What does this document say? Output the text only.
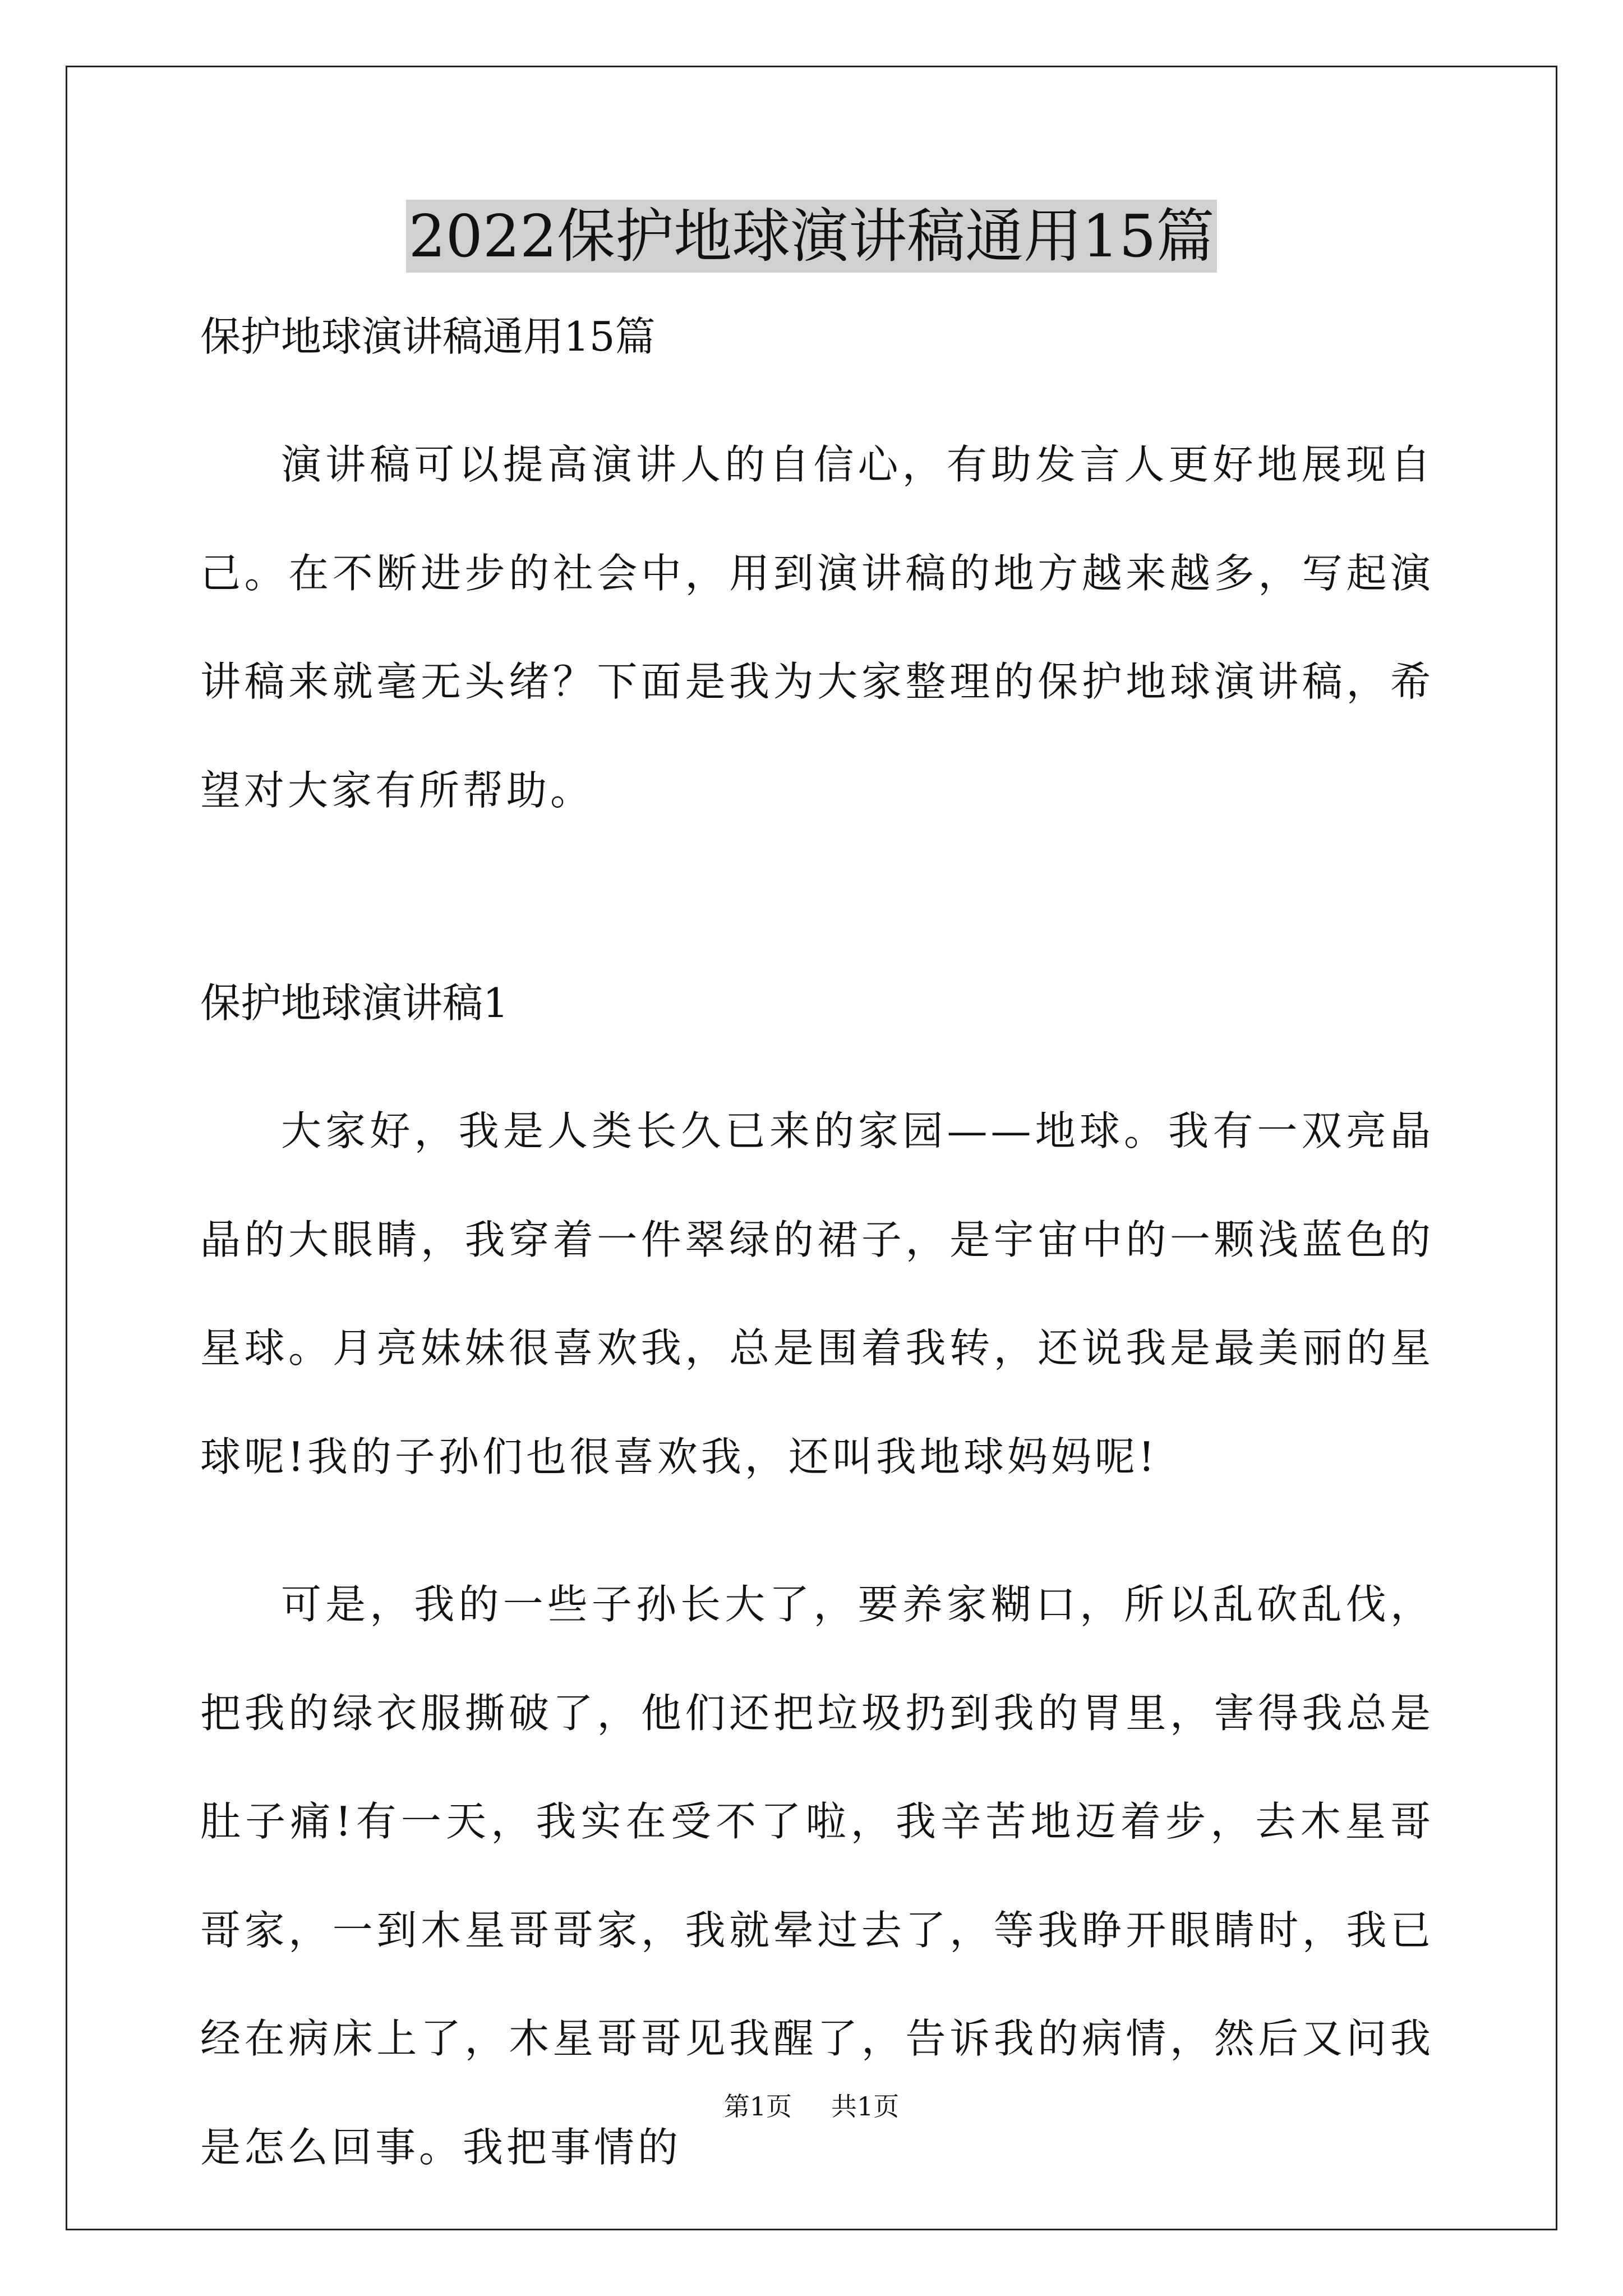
2022保护地球演讲稿通用15篇
保护地球演讲稿通用15篇

演讲稿可以提高演讲人的自信心，有助发言人更好地展现自己。在不断进步的社会中，用到演讲稿的地方越来越多，写起演讲稿来就毫无头绪？下面是我为大家整理的保护地球演讲稿，希望对大家有所帮助。

保护地球演讲稿1

大家好，我是人类长久已来的家园——地球。我有一双亮晶晶的大眼睛，我穿着一件翠绿的裙子，是宇宙中的一颗浅蓝色的星球。月亮妹妹很喜欢我，总是围着我转，还说我是最美丽的星球呢!我的子孙们也很喜欢我，还叫我地球妈妈呢!

可是，我的一些子孙长大了，要养家糊口，所以乱砍乱伐，把我的绿衣服撕破了，他们还把垃圾扔到我的胃里，害得我总是肚子痛!有一天，我实在受不了啦，我辛苦地迈着步，去木星哥哥家，一到木星哥哥家，我就晕过去了，等我睁开眼睛时，我已经在病床上了，木星哥哥见我醒了，告诉我的病情，然后又问我是怎么回事。我把事情的

第1页 共1页
